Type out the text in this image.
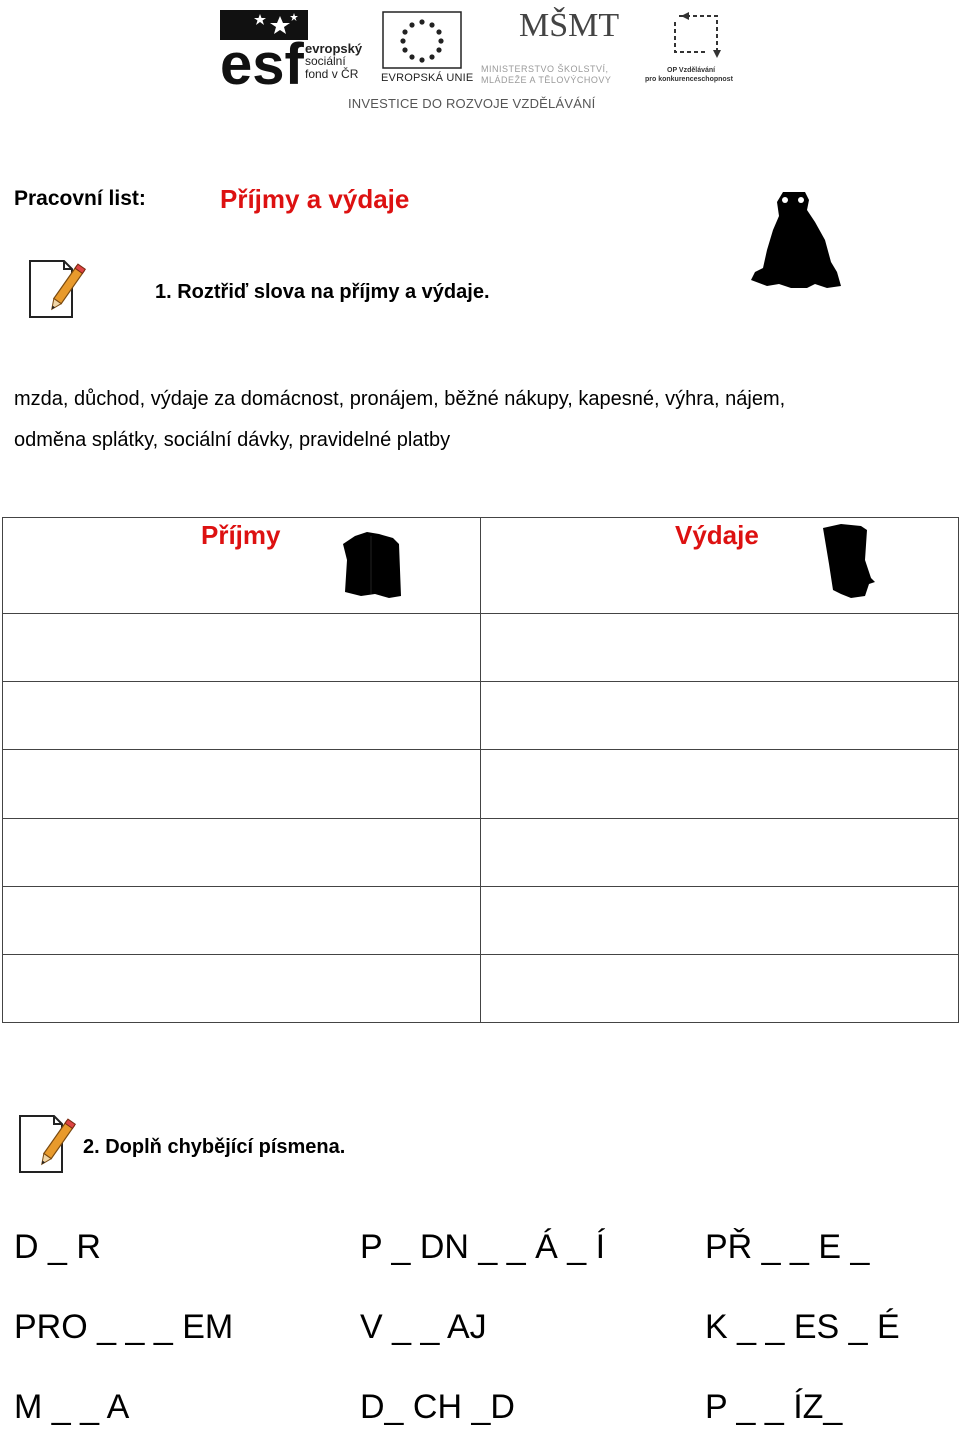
esf evropský
sociální
fond v ČR	EVROPSKÁ UNIE
MŠMT
MINISTERSTVO ŠKOLSTVÍ,
MLÁDEŽE A TĚLOVÝCHOVY
OP Vzdělávání
pro konkurenceschopnost
INVESTICE DO ROZVOJE VZDĚLÁVÁNÍ
Pracovní list:	Příjmy a výdaje
1. Roztřiď slova na příjmy a výdaje.
mzda, důchod, výdaje za domácnost, pronájem, běžné nákupy, kapesné, výhra, nájem,
odměna splátky, sociální dávky, pravidelné platby
Příjmy	Výdaje

2. Doplň chybějící písmena.
D _ R	P _ DN _ _ Á _ Í	PŘ _ _ E _
PRO _ _ _ EM	V _ _ AJ	K _ _ ES _ É
M _ _ A	D_ CH _D	P _ _ ÍZ_
